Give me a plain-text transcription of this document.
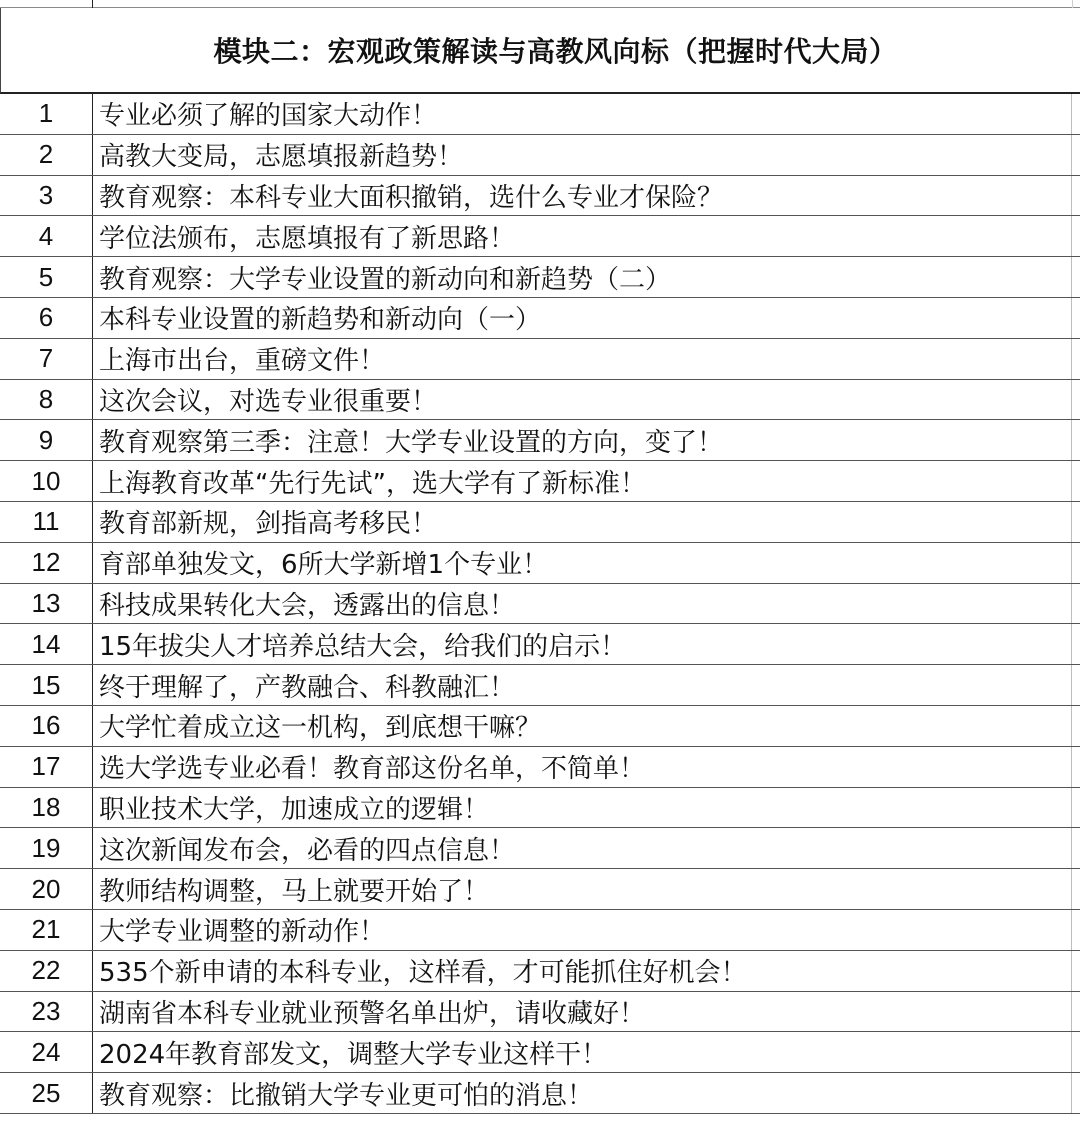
模块二：宏观政策解读与高教风向标（把握时代大局）
1	专业必须了解的国家大动作！
2	高教大变局，志愿填报新趋势！
3	教育观察：本科专业大面积撤销，选什么专业才保险？
4	学位法颁布，志愿填报有了新思路！
5	教育观察：大学专业设置的新动向和新趋势（二）
6	本科专业设置的新趋势和新动向（一）
7	上海市出台，重磅文件！
8	这次会议，对选专业很重要！
9	教育观察第三季：注意！大学专业设置的方向，变了！
10	上海教育改革“先行先试”，选大学有了新标准！
11	教育部新规，剑指高考移民！
12	育部单独发文，6所大学新增1个专业！
13	科技成果转化大会，透露出的信息！
14	15年拔尖人才培养总结大会，给我们的启示！
15	终于理解了，产教融合、科教融汇！
16	大学忙着成立这一机构，到底想干嘛？
17	选大学选专业必看！教育部这份名单，不简单！
18	职业技术大学，加速成立的逻辑！
19	这次新闻发布会，必看的四点信息！
20	教师结构调整，马上就要开始了！
21	大学专业调整的新动作！
22	535个新申请的本科专业，这样看，才可能抓住好机会！
23	湖南省本科专业就业预警名单出炉，请收藏好！
24	2024年教育部发文，调整大学专业这样干！
25	教育观察：比撤销大学专业更可怕的消息！
